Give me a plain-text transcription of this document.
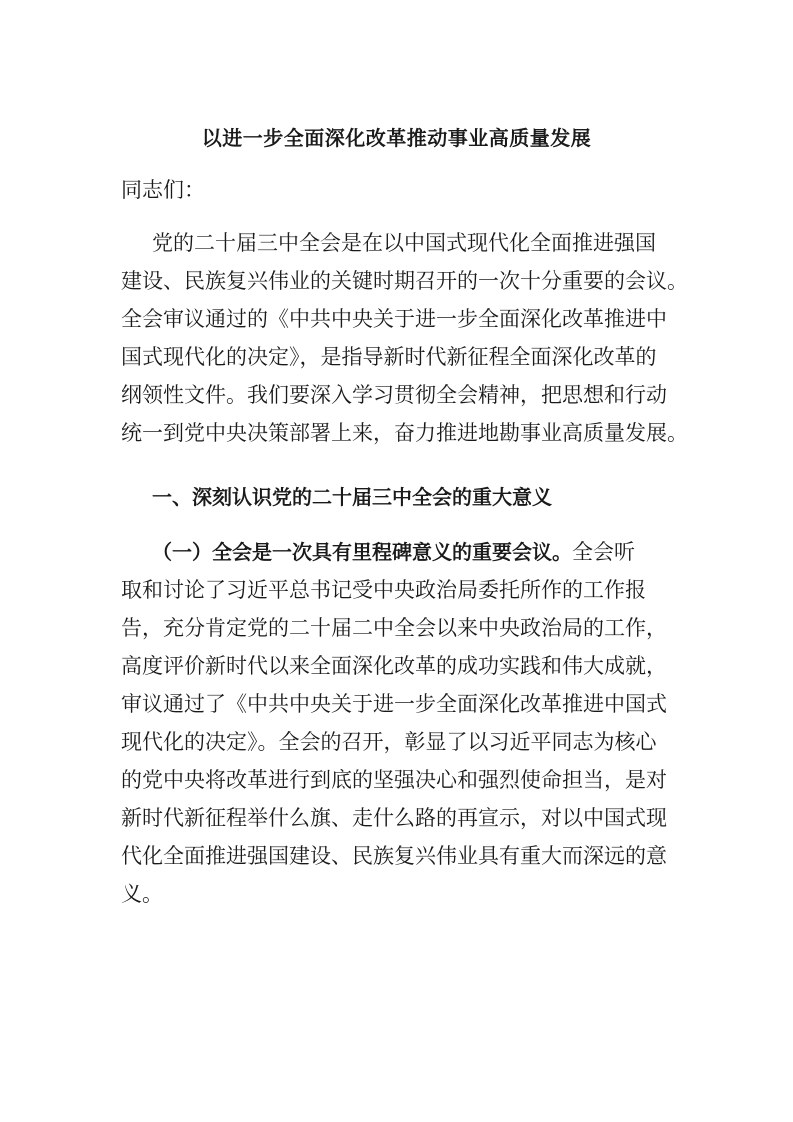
以进一步全面深化改革推动事业高质量发展
同志们：
党的二十届三中全会是在以中国式现代化全面推进强国
建设、民族复兴伟业的关键时期召开的一次十分重要的会议。
全会审议通过的《中共中央关于进一步全面深化改革推进中
国式现代化的决定》，是指导新时代新征程全面深化改革的
纲领性文件。我们要深入学习贯彻全会精神，把思想和行动
统一到党中央决策部署上来，奋力推进地勘事业高质量发展。
一、深刻认识党的二十届三中全会的重大意义
（一）全会是一次具有里程碑意义的重要会议。全会听
取和讨论了习近平总书记受中央政治局委托所作的工作报
告，充分肯定党的二十届二中全会以来中央政治局的工作，
高度评价新时代以来全面深化改革的成功实践和伟大成就，
审议通过了《中共中央关于进一步全面深化改革推进中国式
现代化的决定》。全会的召开，彰显了以习近平同志为核心
的党中央将改革进行到底的坚强决心和强烈使命担当，是对
新时代新征程举什么旗、走什么路的再宣示，对以中国式现
代化全面推进强国建设、民族复兴伟业具有重大而深远的意
义。
